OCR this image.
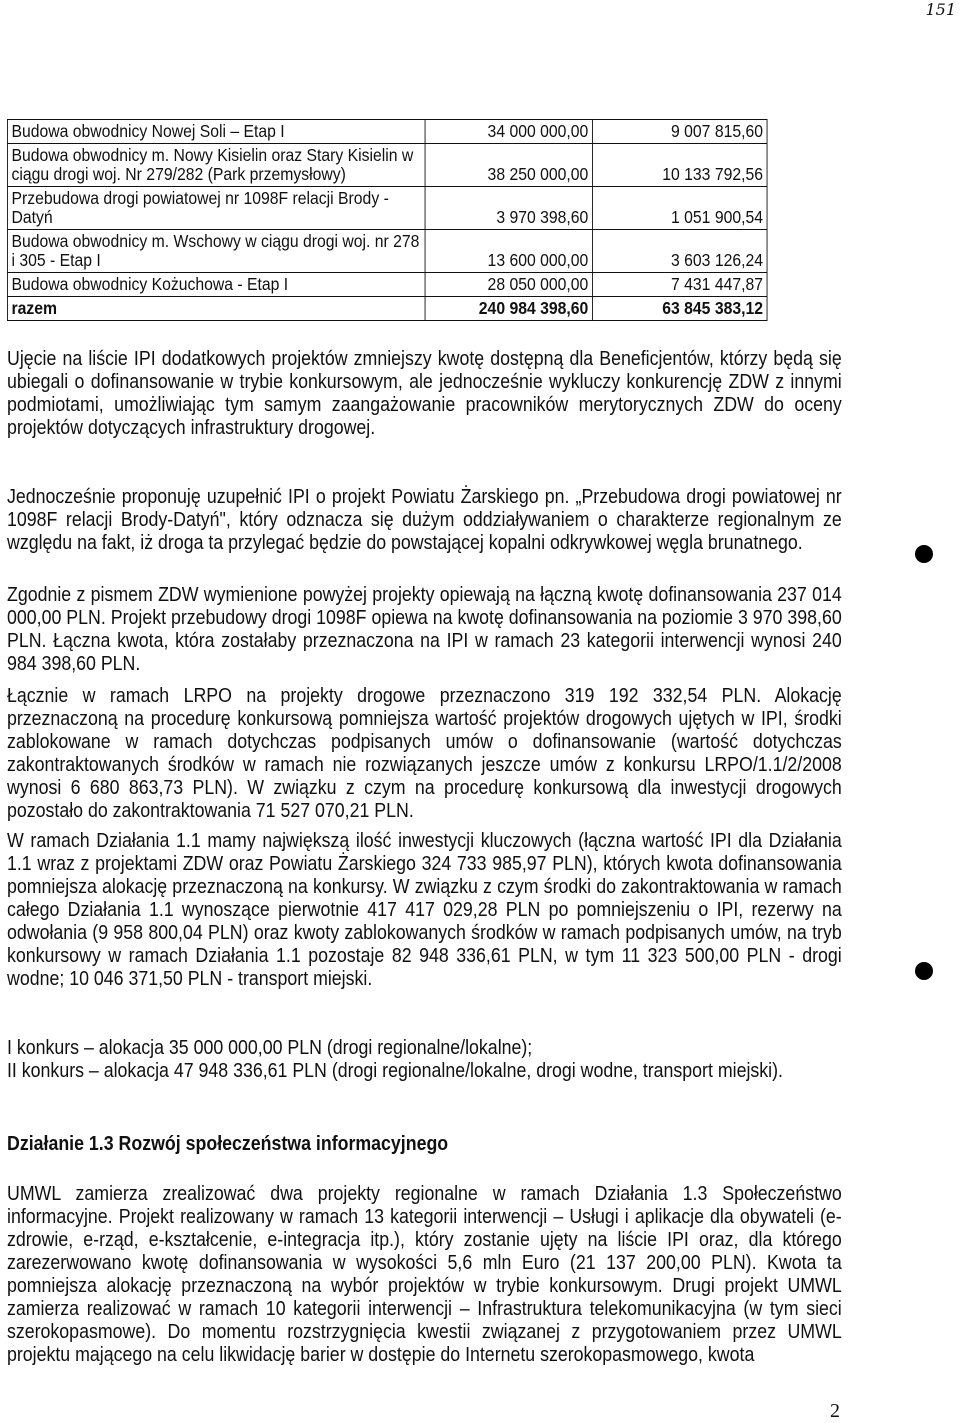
151

Budowa obwodnicy Nowej Soli – Etap I	34 000 000,00	9 007 815,60
Budowa obwodnicy m. Nowy Kisielin oraz Stary Kisielin w ciągu drogi woj. Nr 279/282 (Park przemysłowy)	38 250 000,00	10 133 792,56
Przebudowa drogi powiatowej nr 1098F relacji Brody -Datyń	3 970 398,60	1 051 900,54
Budowa obwodnicy m. Wschowy w ciągu drogi woj. nr 278 i 305 - Etap I	13 600 000,00	3 603 126,24
Budowa obwodnicy Kożuchowa - Etap I	28 050 000,00	7 431 447,87
razem	240 984 398,60	63 845 383,12

Ujęcie na liście IPI dodatkowych projektów zmniejszy kwotę dostępną dla Beneficjentów, którzy będą się ubiegali o dofinansowanie w trybie konkursowym, ale jednocześnie wykluczy konkurencję ZDW z innymi podmiotami, umożliwiając tym samym zaangażowanie pracowników merytorycznych ZDW do oceny projektów dotyczących infrastruktury drogowej.

Jednocześnie proponuję uzupełnić IPI o projekt Powiatu Żarskiego pn. „Przebudowa drogi powiatowej nr 1098F relacji Brody-Datyń", który odznacza się dużym oddziaływaniem o charakterze regionalnym ze względu na fakt, iż droga ta przylegać będzie do powstającej kopalni odkrywkowej węgla brunatnego.

Zgodnie z pismem ZDW wymienione powyżej projekty opiewają na łączną kwotę dofinansowania 237 014 000,00 PLN. Projekt przebudowy drogi 1098F opiewa na kwotę dofinansowania na poziomie 3 970 398,60 PLN. Łączna kwota, która zostałaby przeznaczona na IPI w ramach 23 kategorii interwencji wynosi 240 984 398,60 PLN.

Łącznie w ramach LRPO na projekty drogowe przeznaczono 319 192 332,54 PLN. Alokację przeznaczoną na procedurę konkursową pomniejsza wartość projektów drogowych ujętych w IPI, środki zablokowane w ramach dotychczas podpisanych umów o dofinansowanie (wartość dotychczas zakontraktowanych środków w ramach nie rozwiązanych jeszcze umów z konkursu LRPO/1.1/2/2008 wynosi 6 680 863,73 PLN). W związku z czym na procedurę konkursową dla inwestycji drogowych pozostało do zakontraktowania 71 527 070,21 PLN.

W ramach Działania 1.1 mamy największą ilość inwestycji kluczowych (łączna wartość IPI dla Działania 1.1 wraz z projektami ZDW oraz Powiatu Żarskiego 324 733 985,97 PLN), których kwota dofinansowania pomniejsza alokację przeznaczoną na konkursy. W związku z czym środki do zakontraktowania w ramach całego Działania 1.1 wynoszące pierwotnie 417 417 029,28 PLN po pomniejszeniu o IPI, rezerwy na odwołania (9 958 800,04 PLN) oraz kwoty zablokowanych środków w ramach podpisanych umów, na tryb konkursowy w ramach Działania 1.1 pozostaje 82 948 336,61 PLN, w tym 11 323 500,00 PLN - drogi wodne; 10 046 371,50 PLN - transport miejski.

I konkurs – alokacja 35 000 000,00 PLN (drogi regionalne/lokalne);

II konkurs – alokacja 47 948 336,61 PLN (drogi regionalne/lokalne, drogi wodne, transport miejski).

Działanie 1.3 Rozwój społeczeństwa informacyjnego

UMWL zamierza zrealizować dwa projekty regionalne w ramach Działania 1.3 Społeczeństwo informacyjne. Projekt realizowany w ramach 13 kategorii interwencji – Usługi i aplikacje dla obywateli (e-zdrowie, e-rząd, e-kształcenie, e-integracja itp.), który zostanie ujęty na liście IPI oraz, dla którego zarezerwowano kwotę dofinansowania w wysokości 5,6 mln Euro (21 137 200,00 PLN). Kwota ta pomniejsza alokację przeznaczoną na wybór projektów w trybie konkursowym. Drugi projekt UMWL zamierza realizować w ramach 10 kategorii interwencji – Infrastruktura telekomunikacyjna (w tym sieci szerokopasmowe). Do momentu rozstrzygnięcia kwestii związanej z przygotowaniem przez UMWL projektu mającego na celu likwidację barier w dostępie do Internetu szerokopasmowego, kwota

2
